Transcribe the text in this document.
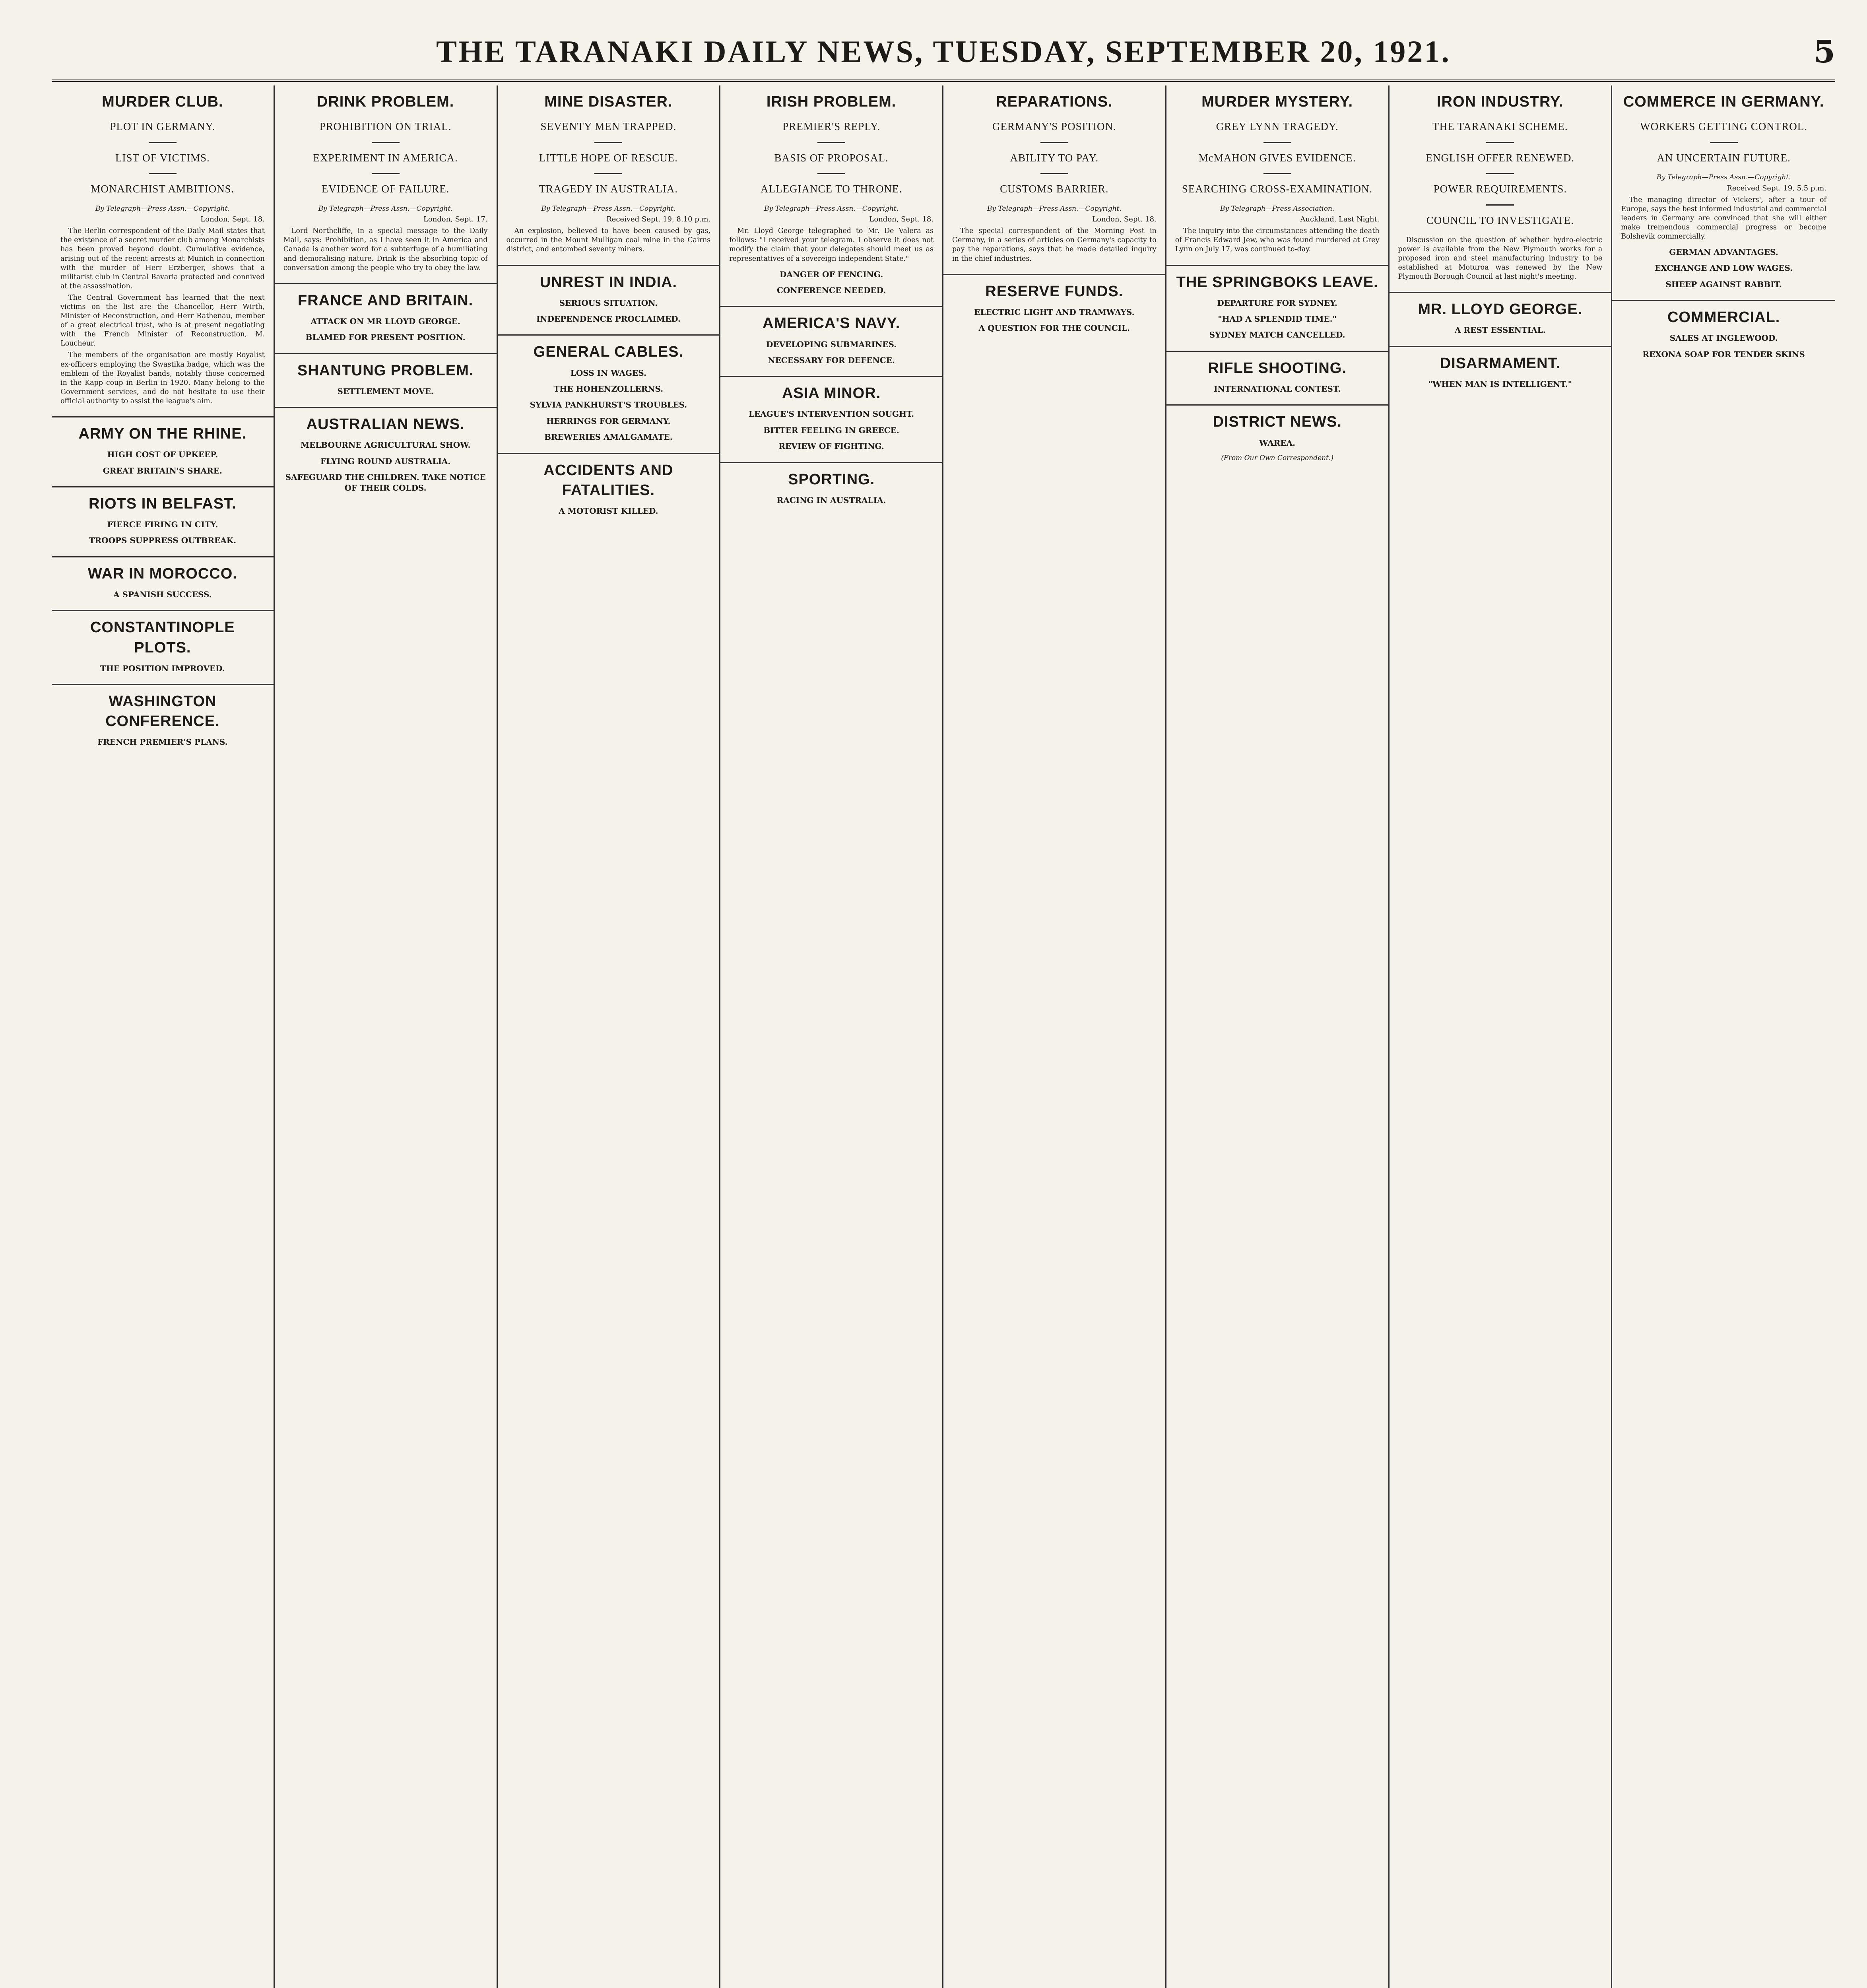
THE TARANAKI DAILY NEWS, TUESDAY, SEPTEMBER 20, 1921.	5
MURDER CLUB.
PLOT IN GERMANY.
LIST OF VICTIMS.
MONARCHIST AMBITIONS.
By Telegraph—Press Assn.—Copyright.
London, Sept. 18.

The Berlin correspondent of the Daily Mail states that the existence of a secret murder club among Monarchists has been proved beyond doubt. Cumulative evidence, arising out of the recent arrests at Munich in connection with the murder of Herr Erzberger, shows that a militarist club in Central Bavaria protected and connived at the assassination.

The Central Government has learned that the next victims on the list are the Chancellor, Herr Wirth, Minister of Reconstruction, and Herr Rathenau, member of a great electrical trust, who is at present negotiating with the French Minister of Reconstruction, M. Loucheur.

The members of the organisation are mostly Royalist ex-officers employing the Swastika badge, which was the emblem of the Royalist bands, notably those concerned in the Kapp coup in Berlin in 1920. Many belong to the Government services, and do not hesitate to use their official authority to assist the league's aim.

ARMY ON THE RHINE.
HIGH COST OF UPKEEP.
GREAT BRITAIN'S SHARE.
RIOTS IN BELFAST.
FIERCE FIRING IN CITY.
TROOPS SUPPRESS OUTBREAK.
WAR IN MOROCCO.
A SPANISH SUCCESS.
CONSTANTINOPLE PLOTS.
THE POSITION IMPROVED.
WASHINGTON CONFERENCE.
FRENCH PREMIER'S PLANS.
DRINK PROBLEM.
PROHIBITION ON TRIAL.
EXPERIMENT IN AMERICA.
EVIDENCE OF FAILURE.
By Telegraph—Press Assn.—Copyright.
London, Sept. 17.

Lord Northcliffe, in a special message to the Daily Mail, says: Prohibition, as I have seen it in America and Canada is another word for a subterfuge of a humiliating and demoralising nature. Drink is the absorbing topic of conversation among the people who try to obey the law.

FRANCE AND BRITAIN.
ATTACK ON MR LLOYD GEORGE.
BLAMED FOR PRESENT POSITION.
SHANTUNG PROBLEM.
SETTLEMENT MOVE.
AUSTRALIAN NEWS.
MELBOURNE AGRICULTURAL SHOW.
FLYING ROUND AUSTRALIA.
SAFEGUARD THE CHILDREN. TAKE NOTICE OF THEIR COLDS.
MINE DISASTER.
SEVENTY MEN TRAPPED.
LITTLE HOPE OF RESCUE.
TRAGEDY IN AUSTRALIA.
By Telegraph—Press Assn.—Copyright.
Received Sept. 19, 8.10 p.m.

An explosion, believed to have been caused by gas, occurred in the Mount Mulligan coal mine in the Cairns district, and entombed seventy miners.

UNREST IN INDIA.
SERIOUS SITUATION.
INDEPENDENCE PROCLAIMED.
GENERAL CABLES.
LOSS IN WAGES.
THE HOHENZOLLERNS.
SYLVIA PANKHURST'S TROUBLES.
HERRINGS FOR GERMANY.
BREWERIES AMALGAMATE.
ACCIDENTS AND FATALITIES.
A MOTORIST KILLED.
IRISH PROBLEM.
PREMIER'S REPLY.
BASIS OF PROPOSAL.
ALLEGIANCE TO THRONE.
By Telegraph—Press Assn.—Copyright.
London, Sept. 18.

Mr. Lloyd George telegraphed to Mr. De Valera as follows: "I received your telegram. I observe it does not modify the claim that your delegates should meet us as representatives of a sovereign independent State."

DANGER OF FENCING.
CONFERENCE NEEDED.
AMERICA'S NAVY.
DEVELOPING SUBMARINES.
NECESSARY FOR DEFENCE.
ASIA MINOR.
LEAGUE'S INTERVENTION SOUGHT.
BITTER FEELING IN GREECE.
REVIEW OF FIGHTING.
SPORTING.
RACING IN AUSTRALIA.
REPARATIONS.
GERMANY'S POSITION.
ABILITY TO PAY.
CUSTOMS BARRIER.
By Telegraph—Press Assn.—Copyright.
London, Sept. 18.

The special correspondent of the Morning Post in Germany, in a series of articles on Germany's capacity to pay the reparations, says that he made detailed inquiry in the chief industries.

RESERVE FUNDS.
ELECTRIC LIGHT AND TRAMWAYS.
A QUESTION FOR THE COUNCIL.
MURDER MYSTERY.
GREY LYNN TRAGEDY.
McMAHON GIVES EVIDENCE.
SEARCHING CROSS-EXAMINATION.
By Telegraph—Press Association.
Auckland, Last Night.

The inquiry into the circumstances attending the death of Francis Edward Jew, who was found murdered at Grey Lynn on July 17, was continued to-day.

THE SPRINGBOKS LEAVE.
DEPARTURE FOR SYDNEY.
"HAD A SPLENDID TIME."
SYDNEY MATCH CANCELLED.
RIFLE SHOOTING.
INTERNATIONAL CONTEST.
DISTRICT NEWS.
WAREA.
(From Our Own Correspondent.)
IRON INDUSTRY.
THE TARANAKI SCHEME.
ENGLISH OFFER RENEWED.
POWER REQUIREMENTS.
COUNCIL TO INVESTIGATE.

Discussion on the question of whether hydro-electric power is available from the New Plymouth works for a proposed iron and steel manufacturing industry to be established at Moturoa was renewed by the New Plymouth Borough Council at last night's meeting.

MR. LLOYD GEORGE.
A REST ESSENTIAL.
DISARMAMENT.
"WHEN MAN IS INTELLIGENT."
COMMERCE IN GERMANY.
WORKERS GETTING CONTROL.
AN UNCERTAIN FUTURE.
By Telegraph—Press Assn.—Copyright.
Received Sept. 19, 5.5 p.m.

The managing director of Vickers', after a tour of Europe, says the best informed industrial and commercial leaders in Germany are convinced that she will either make tremendous commercial progress or become Bolshevik commercially.

GERMAN ADVANTAGES.
EXCHANGE AND LOW WAGES.
SHEEP AGAINST RABBIT.
COMMERCIAL.
SALES AT INGLEWOOD.
REXONA SOAP FOR TENDER SKINS
